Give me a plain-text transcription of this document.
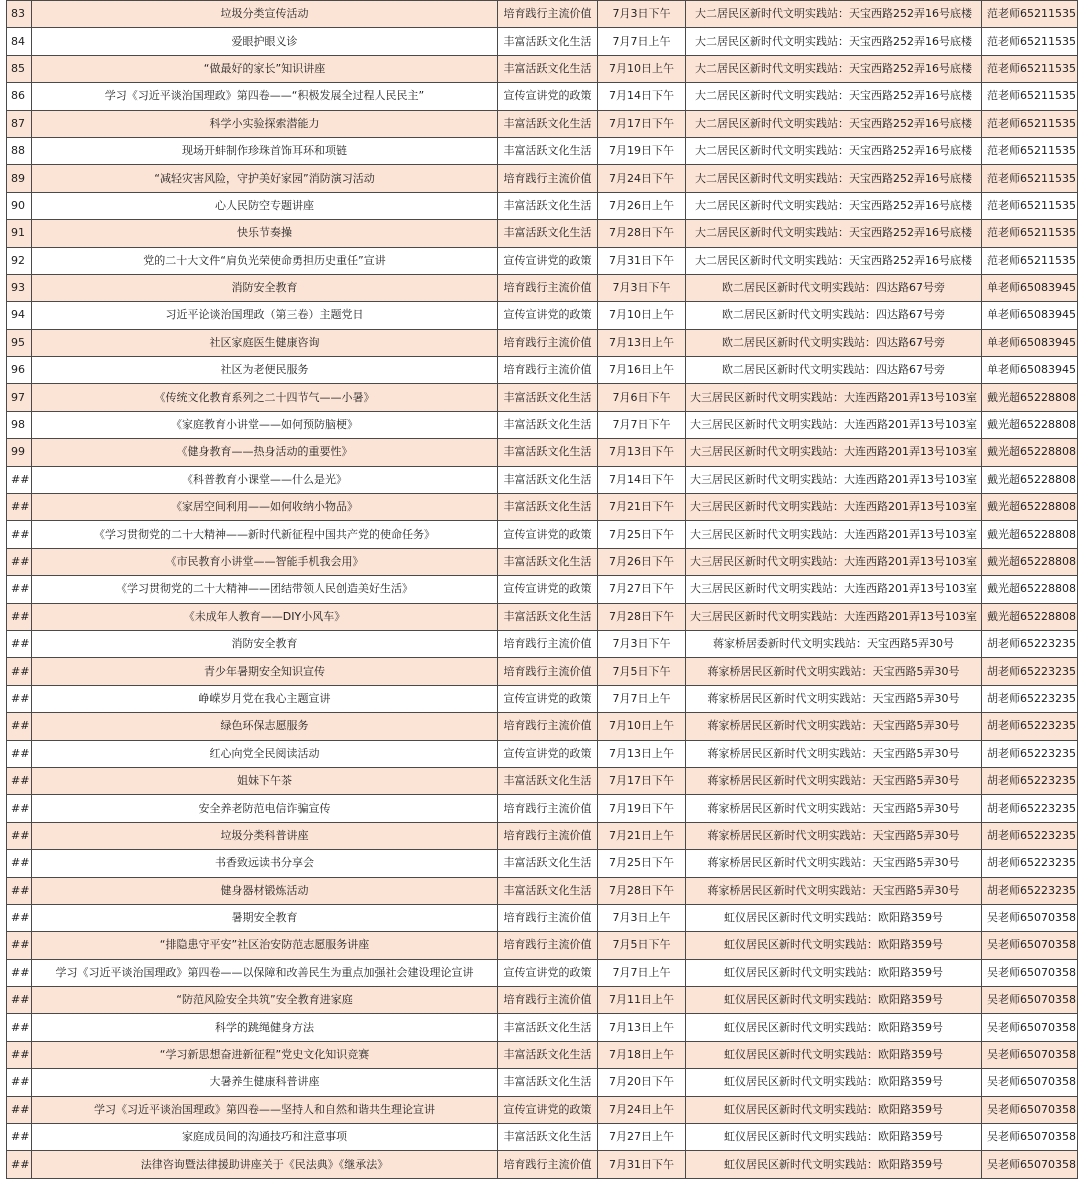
83	垃圾分类宣传活动	培育践行主流价值	7月3日下午	大二居民区新时代文明实践站：天宝西路252弄16号底楼	范老师65211535
84	爱眼护眼义诊	丰富活跃文化生活	7月7日上午	大二居民区新时代文明实践站：天宝西路252弄16号底楼	范老师65211535
85	“做最好的家长”知识讲座	丰富活跃文化生活	7月10日上午	大二居民区新时代文明实践站：天宝西路252弄16号底楼	范老师65211535
86	学习《习近平谈治国理政》第四卷——“积极发展全过程人民民主”	宣传宣讲党的政策	7月14日下午	大二居民区新时代文明实践站：天宝西路252弄16号底楼	范老师65211535
87	科学小实验探索潜能力	丰富活跃文化生活	7月17日下午	大二居民区新时代文明实践站：天宝西路252弄16号底楼	范老师65211535
88	现场开蚌制作珍珠首饰耳环和项链	丰富活跃文化生活	7月19日下午	大二居民区新时代文明实践站：天宝西路252弄16号底楼	范老师65211535
89	“减轻灾害风险，守护美好家园”消防演习活动	培育践行主流价值	7月24日下午	大二居民区新时代文明实践站：天宝西路252弄16号底楼	范老师65211535
90	心人民防空专题讲座	丰富活跃文化生活	7月26日上午	大二居民区新时代文明实践站：天宝西路252弄16号底楼	范老师65211535
91	快乐节奏操	丰富活跃文化生活	7月28日下午	大二居民区新时代文明实践站：天宝西路252弄16号底楼	范老师65211535
92	党的二十大文件“肩负光荣使命勇担历史重任”宣讲	宣传宣讲党的政策	7月31日下午	大二居民区新时代文明实践站：天宝西路252弄16号底楼	范老师65211535
93	消防安全教育	培育践行主流价值	7月3日下午	欧二居民区新时代文明实践站：四达路67号旁	单老师65083945
94	习近平论谈治国理政（第三卷）主题党日	宣传宣讲党的政策	7月10日上午	欧二居民区新时代文明实践站：四达路67号旁	单老师65083945
95	社区家庭医生健康咨询	培育践行主流价值	7月13日上午	欧二居民区新时代文明实践站：四达路67号旁	单老师65083945
96	社区为老便民服务	培育践行主流价值	7月16日上午	欧二居民区新时代文明实践站：四达路67号旁	单老师65083945
97	《传统文化教育系列之二十四节气——小暑》	丰富活跃文化生活	7月6日下午	大三居民区新时代文明实践站：大连西路201弄13号103室	戴光超65228808
98	《家庭教育小讲堂——如何预防脑梗》	丰富活跃文化生活	7月7日下午	大三居民区新时代文明实践站：大连西路201弄13号103室	戴光超65228808
99	《健身教育——热身活动的重要性》	丰富活跃文化生活	7月13日下午	大三居民区新时代文明实践站：大连西路201弄13号103室	戴光超65228808
##	《科普教育小课堂——什么是光》	丰富活跃文化生活	7月14日下午	大三居民区新时代文明实践站：大连西路201弄13号103室	戴光超65228808
##	《家居空间利用——如何收纳小物品》	丰富活跃文化生活	7月21日下午	大三居民区新时代文明实践站：大连西路201弄13号103室	戴光超65228808
##	《学习贯彻党的二十大精神——新时代新征程中国共产党的使命任务》	宣传宣讲党的政策	7月25日下午	大三居民区新时代文明实践站：大连西路201弄13号103室	戴光超65228808
##	《市民教育小讲堂——智能手机我会用》	丰富活跃文化生活	7月26日下午	大三居民区新时代文明实践站：大连西路201弄13号103室	戴光超65228808
##	《学习贯彻党的二十大精神——团结带领人民创造美好生活》	宣传宣讲党的政策	7月27日下午	大三居民区新时代文明实践站：大连西路201弄13号103室	戴光超65228808
##	《未成年人教育——DIY小风车》	丰富活跃文化生活	7月28日下午	大三居民区新时代文明实践站：大连西路201弄13号103室	戴光超65228808
##	消防安全教育	培育践行主流价值	7月3日下午	蒋家桥居委新时代文明实践站：天宝西路5弄30号	胡老师65223235
##	青少年暑期安全知识宣传	培育践行主流价值	7月5日下午	蒋家桥居民区新时代文明实践站：天宝西路5弄30号	胡老师65223235
##	峥嵘岁月党在我心主题宣讲	宣传宣讲党的政策	7月7日上午	蒋家桥居民区新时代文明实践站：天宝西路5弄30号	胡老师65223235
##	绿色环保志愿服务	培育践行主流价值	7月10日上午	蒋家桥居民区新时代文明实践站：天宝西路5弄30号	胡老师65223235
##	红心向党全民阅读活动	宣传宣讲党的政策	7月13日上午	蒋家桥居民区新时代文明实践站：天宝西路5弄30号	胡老师65223235
##	姐妹下午茶	丰富活跃文化生活	7月17日下午	蒋家桥居民区新时代文明实践站：天宝西路5弄30号	胡老师65223235
##	安全养老防范电信诈骗宣传	培育践行主流价值	7月19日下午	蒋家桥居民区新时代文明实践站：天宝西路5弄30号	胡老师65223235
##	垃圾分类科普讲座	培育践行主流价值	7月21日上午	蒋家桥居民区新时代文明实践站：天宝西路5弄30号	胡老师65223235
##	书香致远读书分享会	丰富活跃文化生活	7月25日下午	蒋家桥居民区新时代文明实践站：天宝西路5弄30号	胡老师65223235
##	健身器材锻炼活动	丰富活跃文化生活	7月28日下午	蒋家桥居民区新时代文明实践站：天宝西路5弄30号	胡老师65223235
##	暑期安全教育	培育践行主流价值	7月3日上午	虹仪居民区新时代文明实践站：欧阳路359号	吴老师65070358
##	“排隐患守平安”社区治安防范志愿服务讲座	培育践行主流价值	7月5日下午	虹仪居民区新时代文明实践站：欧阳路359号	吴老师65070358
##	学习《习近平谈治国理政》第四卷——以保障和改善民生为重点加强社会建设理论宣讲	宣传宣讲党的政策	7月7日上午	虹仪居民区新时代文明实践站：欧阳路359号	吴老师65070358
##	“防范风险安全共筑”安全教育进家庭	培育践行主流价值	7月11日上午	虹仪居民区新时代文明实践站：欧阳路359号	吴老师65070358
##	科学的跳绳健身方法	丰富活跃文化生活	7月13日上午	虹仪居民区新时代文明实践站：欧阳路359号	吴老师65070358
##	“学习新思想奋进新征程”党史文化知识竞赛	丰富活跃文化生活	7月18日上午	虹仪居民区新时代文明实践站：欧阳路359号	吴老师65070358
##	大暑养生健康科普讲座	丰富活跃文化生活	7月20日下午	虹仪居民区新时代文明实践站：欧阳路359号	吴老师65070358
##	学习《习近平谈治国理政》第四卷——坚持人和自然和谐共生理论宣讲	宣传宣讲党的政策	7月24日上午	虹仪居民区新时代文明实践站：欧阳路359号	吴老师65070358
##	家庭成员间的沟通技巧和注意事项	丰富活跃文化生活	7月27日上午	虹仪居民区新时代文明实践站：欧阳路359号	吴老师65070358
##	法律咨询暨法律援助讲座关于《民法典》《继承法》	培育践行主流价值	7月31日下午	虹仪居民区新时代文明实践站：欧阳路359号	吴老师65070358
